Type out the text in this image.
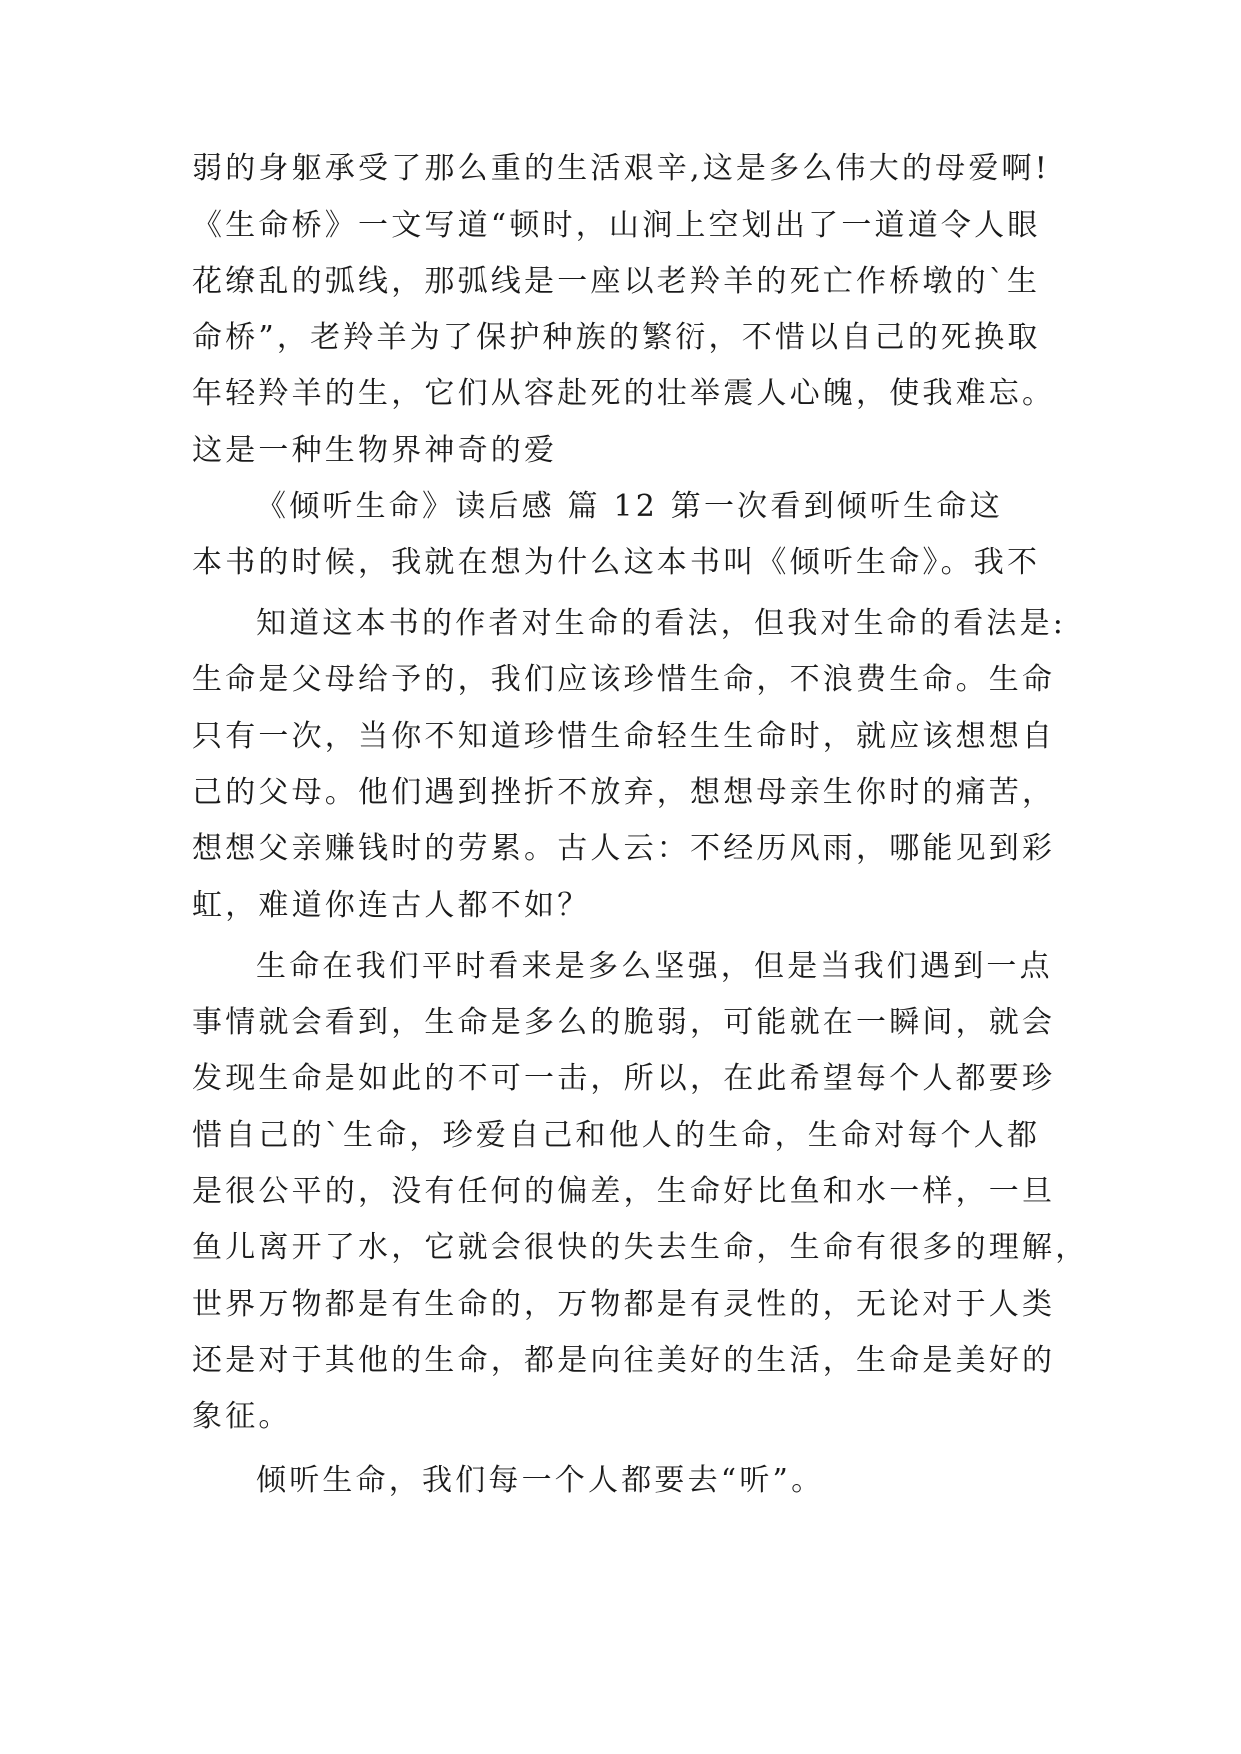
弱的身躯承受了那么重的生活艰辛,这是多么伟大的母爱啊!
《生命桥》一文写道“顿时，山涧上空划出了一道道令人眼
花缭乱的弧线，那弧线是一座以老羚羊的死亡作桥墩的`生
命桥”，老羚羊为了保护种族的繁衍，不惜以自己的死换取
年轻羚羊的生，它们从容赴死的壮举震人心魄，使我难忘。
这是一种生物界神奇的爱
《倾听生命》读后感 篇 12 第一次看到倾听生命这
本书的时候，我就在想为什么这本书叫《倾听生命》。我不
知道这本书的作者对生命的看法，但我对生命的看法是:
生命是父母给予的，我们应该珍惜生命，不浪费生命。生命
只有一次，当你不知道珍惜生命轻生生命时，就应该想想自
己的父母。他们遇到挫折不放弃，想想母亲生你时的痛苦，
想想父亲赚钱时的劳累。古人云：不经历风雨，哪能见到彩
虹，难道你连古人都不如？
生命在我们平时看来是多么坚强，但是当我们遇到一点
事情就会看到，生命是多么的脆弱，可能就在一瞬间，就会
发现生命是如此的不可一击，所以，在此希望每个人都要珍
惜自己的`生命，珍爱自己和他人的生命，生命对每个人都
是很公平的，没有任何的偏差，生命好比鱼和水一样，一旦
鱼儿离开了水，它就会很快的失去生命，生命有很多的理解，
世界万物都是有生命的，万物都是有灵性的，无论对于人类
还是对于其他的生命，都是向往美好的生活，生命是美好的
象征。
倾听生命，我们每一个人都要去“听”。
